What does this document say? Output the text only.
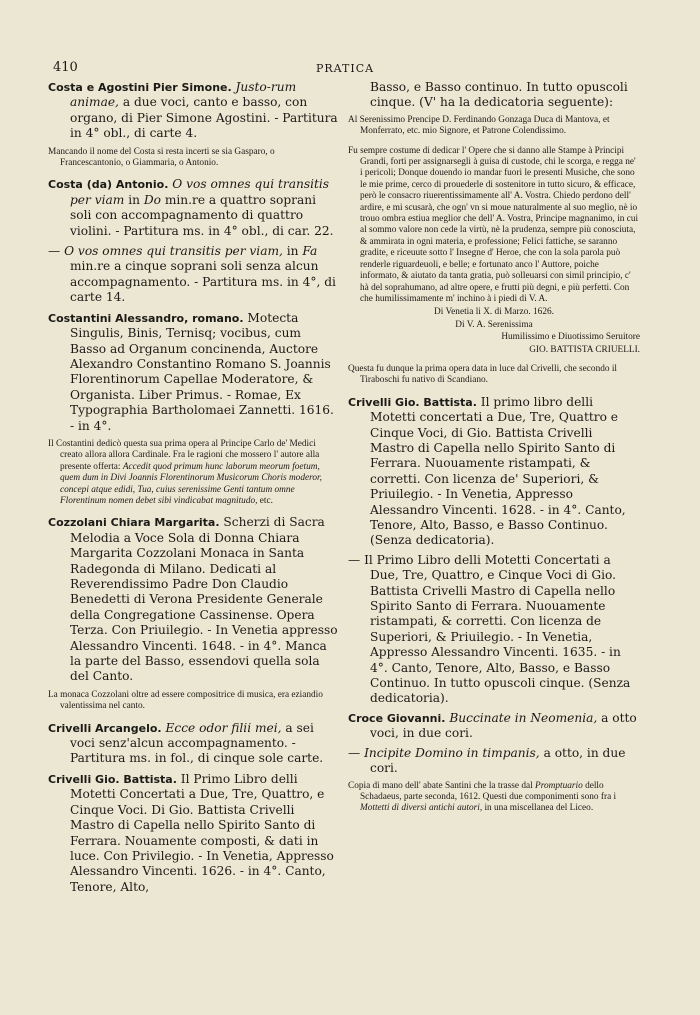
410	PRATICA

Costa e Agostini Pier Simone. Justo-rum animae, a due voci, canto e basso, con organo, di Pier Simone Agostini. - Partitura in 4° obl., di carte 4.

Mancando il nome del Costa si resta incerti se sia Gasparo, o Francescantonio, o Giammaria, o Antonio.

Costa (da) Antonio. O vos omnes qui transitis per viam in Do min.re a quattro soprani soli con accompagnamento di quattro violini. - Partitura ms. in 4° obl., di car. 22.

— O vos omnes qui transitis per viam, in Fa min.re a cinque soprani soli senza alcun accompagnamento. - Partitura ms. in 4°, di carte 14.

Costantini Alessandro, romano. Motecta Singulis, Binis, Ternisq; vocibus, cum Basso ad Organum concinenda, Auctore Alexandro Constantino Romano S. Joannis Florentinorum Capellae Moderatore, & Organista. Liber Primus. - Romae, Ex Typographia Bartholomaei Zannetti. 1616. - in 4°.

Il Costantini dedicò questa sua prima opera al Principe Carlo de' Medici creato allora allora Cardinale. Fra le ragioni che mossero l' autore alla presente offerta: Accedit quod primum hunc laborum meorum foetum, quem dum in Divi Joannis Florentinorum Musicorum Choris moderor, concepi atque edidi, Tua, cuius serenissime Genti tantum omne Florentinum nomen debet sibi vindicabat magnitudo, etc.

Cozzolani Chiara Margarita. Scherzi di Sacra Melodia a Voce Sola di Donna Chiara Margarita Cozzolani Monaca in Santa Radegonda di Milano. Dedicati al Reverendissimo Padre Don Claudio Benedetti di Verona Presidente Generale della Congregatione Cassinense. Opera Terza. Con Priuilegio. - In Venetia appresso Alessandro Vincenti. 1648. - in 4°. Manca la parte del Basso, essendovi quella sola del Canto.

La monaca Cozzolani oltre ad essere compositrice di musica, era eziandio valentissima nel canto.

Crivelli Arcangelo. Ecce odor filii mei, a sei voci senz'alcun accompagnamento. - Partitura ms. in fol., di cinque sole carte.

Crivelli Gio. Battista. Il Primo Libro delli Motetti Concertati a Due, Tre, Quattro, e Cinque Voci. Di Gio. Battista Crivelli Mastro di Capella nello Spirito Santo di Ferrara. Nouamente composti, & dati in luce. Con Privilegio. - In Venetia, Appresso Alessandro Vincenti. 1626. - in 4°. Canto, Tenore, Alto,

Basso, e Basso continuo. In tutto opuscoli cinque. (V' ha la dedicatoria seguente):

Al Serenissimo Prencipe D. Ferdinando Gonzaga Duca di Mantova, et Monferrato, etc. mio Signore, et Patrone Colendissimo.

Fu sempre costume di dedicar l' Opere che si danno alle Stampe à Principi Grandi, forti per assignarsegli à guisa di custode, chi le scorga, e regga ne' i pericoli; Donque douendo io mandar fuori le presenti Musiche, che sono le mie prime, cerco di prouederle di sostenitore in tutto sicuro, & efficace, però le consacro riuerentissimamente all' A. Vostra. Chiedo perdono dell' ardire, e mi scusarà, che ogn' vn si moue naturalmente al suo meglio, nè io trouo ombra estiua meglior che dell' A. Vostra, Principe magnanimo, in cui al sommo valore non cede la virtù, nè la prudenza, sempre più conosciuta, & ammirata in ogni materia, e professione; Felici fattiche, se saranno gradite, e riceuute sotto l' Insegne d' Heroe, che con la sola parola può renderle riguardeuoli, e belle; e fortunato anco l' Auttore, poiche informato, & aiutato da tanta gratia, può solleuarsi con simil principio, c' hà del soprahumano, ad altre opere, e frutti più degni, e più perfetti. Con che humilissimamente m' inchino à i piedi di V. A.

Di Venetia li X. di Marzo. 1626.

Di V. A. Serenissima

Humilissimo e Diuotissimo Seruitore

GIO. BATTISTA CRIUELLI.

Questa fu dunque la prima opera data in luce dal Crivelli, che secondo il Tiraboschi fu nativo di Scandiano.

Crivelli Gio. Battista. Il primo libro delli Motetti concertati a Due, Tre, Quattro e Cinque Voci, di Gio. Battista Crivelli Mastro di Capella nello Spirito Santo di Ferrara. Nuouamente ristampati, & corretti. Con licenza de' Superiori, & Priuilegio. - In Venetia, Appresso Alessandro Vincenti. 1628. - in 4°. Canto, Tenore, Alto, Basso, e Basso Continuo. (Senza dedicatoria).

— Il Primo Libro delli Motetti Concertati a Due, Tre, Quattro, e Cinque Voci di Gio. Battista Crivelli Mastro di Capella nello Spirito Santo di Ferrara. Nuouamente ristampati, & corretti. Con licenza de Superiori, & Priuilegio. - In Venetia, Appresso Alessandro Vincenti. 1635. - in 4°. Canto, Tenore, Alto, Basso, e Basso Continuo. In tutto opuscoli cinque. (Senza dedicatoria).

Croce Giovanni. Buccinate in Neomenia, a otto voci, in due cori.

— Incipite Domino in timpanis, a otto, in due cori.

Copia di mano dell' abate Santini che la trasse dal Promptuario dello Schadaeus, parte seconda, 1612. Questi due componimenti sono fra i Mottetti di diversi antichi autori, in una miscellanea del Liceo.
